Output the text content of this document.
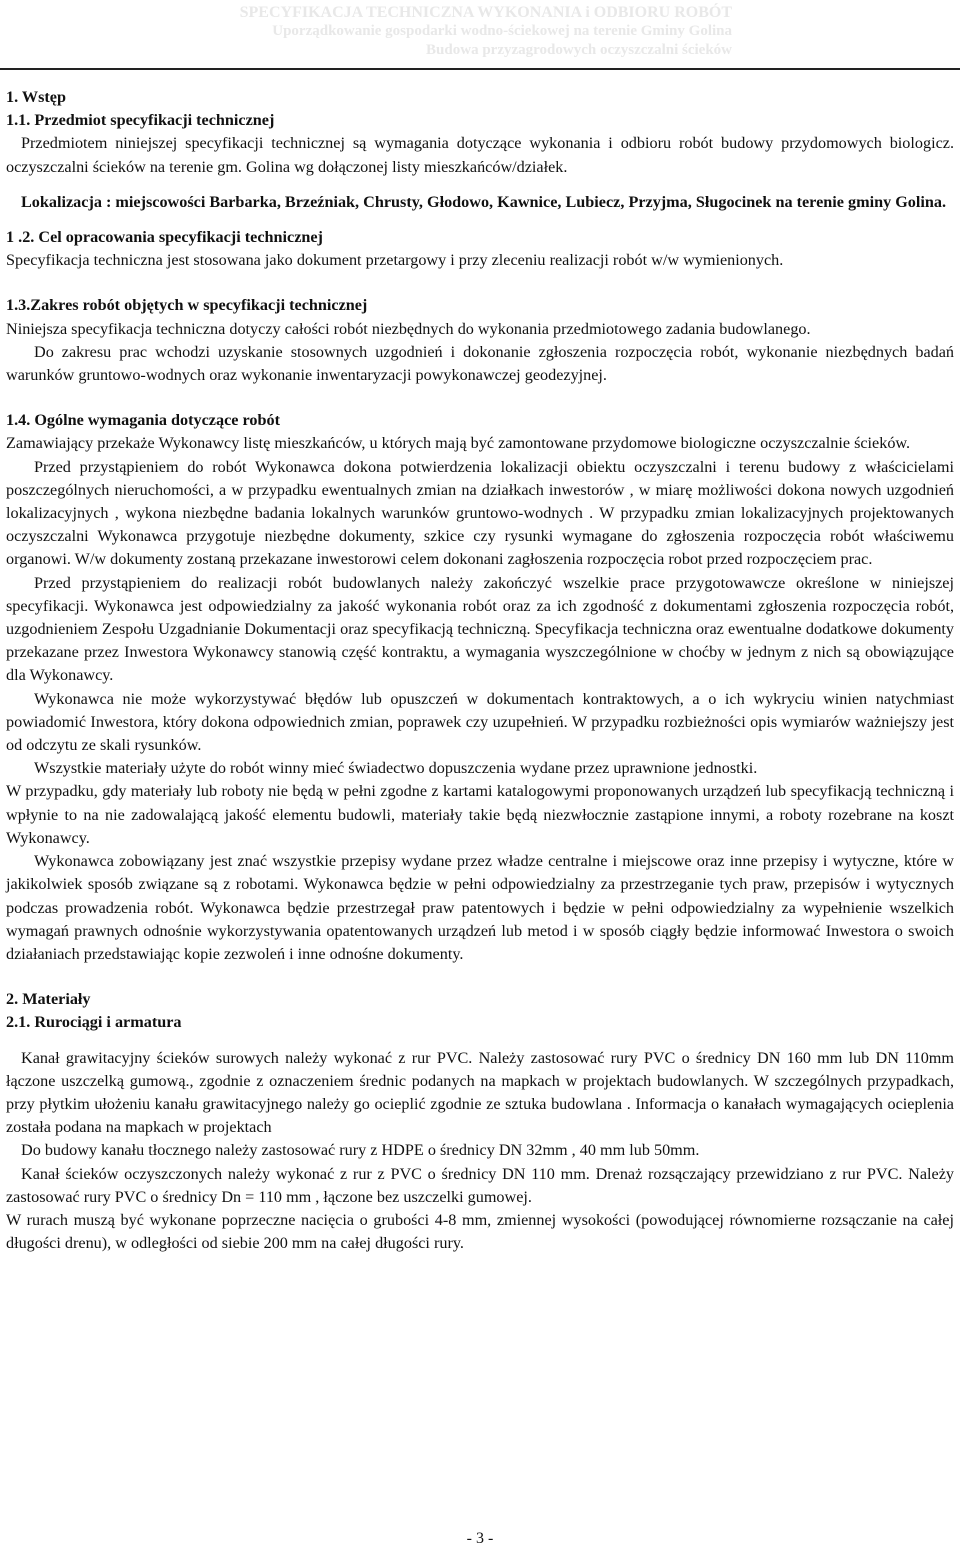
SPECYFIKACJA TECHNICZNA WYKONANIA i ODBIORU ROBÓT
Uporządkowanie gospodarki wodno-ściekowej na terenie Gminy Golina
Budowa przyzagrodowych oczyszczalni ścieków

1. Wstęp

1.1. Przedmiot specyfikacji technicznej

Przedmiotem niniejszej specyfikacji technicznej są wymagania dotyczące wykonania i odbioru robót budowy przydomowych biologicz. oczyszczalni ścieków na terenie gm. Golina wg dołączonej listy mieszkańców/działek.

Lokalizacja : miejscowości Barbarka, Brzeźniak, Chrusty, Głodowo, Kawnice, Lubiecz, Przyjma, Sługocinek na terenie gminy Golina.

1 .2. Cel opracowania specyfikacji technicznej

Specyfikacja techniczna jest stosowana jako dokument przetargowy i przy zleceniu realizacji robót w/w wymienionych.

1.3.Zakres robót objętych w specyfikacji technicznej

Niniejsza specyfikacja techniczna dotyczy całości robót niezbędnych do wykonania przedmiotowego zadania budowlanego.

Do zakresu prac wchodzi uzyskanie stosownych uzgodnień i dokonanie zgłoszenia rozpoczęcia robót, wykonanie niezbędnych badań warunków gruntowo-wodnych oraz wykonanie inwentaryzacji powykonawczej geodezyjnej.

1.4. Ogólne wymagania dotyczące robót

Zamawiający przekaże Wykonawcy listę mieszkańców, u których mają być zamontowane przydomowe biologiczne oczyszczalnie ścieków.

Przed przystąpieniem do robót Wykonawca dokona potwierdzenia lokalizacji obiektu oczyszczalni i terenu budowy z właścicielami poszczególnych nieruchomości, a w przypadku ewentualnych zmian na działkach inwestorów , w miarę możliwości dokona nowych uzgodnień lokalizacyjnych , wykona niezbędne badania lokalnych warunków gruntowo-wodnych . W przypadku zmian lokalizacyjnych projektowanych oczyszczalni Wykonawca przygotuje niezbędne dokumenty, szkice czy rysunki wymagane do zgłoszenia rozpoczęcia robót właściwemu organowi. W/w dokumenty zostaną przekazane inwestorowi celem dokonani zagłoszenia rozpoczęcia robot przed rozpoczęciem prac.

Przed przystąpieniem do realizacji robót budowlanych należy zakończyć wszelkie prace przygotowawcze określone w niniejszej specyfikacji. Wykonawca jest odpowiedzialny za jakość wykonania robót oraz za ich zgodność z dokumentami zgłoszenia rozpoczęcia robót, uzgodnieniem Zespołu Uzgadnianie Dokumentacji oraz specyfikacją techniczną. Specyfikacja techniczna oraz ewentualne dodatkowe dokumenty przekazane przez Inwestora Wykonawcy stanowią część kontraktu, a wymagania wyszczególnione w choćby w jednym z nich są obowiązujące dla Wykonawcy.

Wykonawca nie może wykorzystywać błędów lub opuszczeń w dokumentach kontraktowych, a o ich wykryciu winien natychmiast powiadomić Inwestora, który dokona odpowiednich zmian, poprawek czy uzupełnień. W przypadku rozbieżności opis wymiarów ważniejszy jest od odczytu ze skali rysunków.

Wszystkie materiały użyte do robót winny mieć świadectwo dopuszczenia wydane przez uprawnione jednostki.

W przypadku, gdy materiały lub roboty nie będą w pełni zgodne z kartami katalogowymi proponowanych urządzeń lub specyfikacją techniczną i wpłynie to na nie zadowalającą jakość elementu budowli, materiały takie będą niezwłocznie zastąpione innymi, a roboty rozebrane na koszt Wykonawcy.

Wykonawca zobowiązany jest znać wszystkie przepisy wydane przez władze centralne i miejscowe oraz inne przepisy i wytyczne, które w jakikolwiek sposób związane są z robotami. Wykonawca będzie w pełni odpowiedzialny za przestrzeganie tych praw, przepisów i wytycznych podczas prowadzenia robót. Wykonawca będzie przestrzegał praw patentowych i będzie w pełni odpowiedzialny za wypełnienie wszelkich wymagań prawnych odnośnie wykorzystywania opatentowanych urządzeń lub metod i w sposób ciągły będzie informować Inwestora o swoich działaniach przedstawiając kopie zezwoleń i inne odnośne dokumenty.

2. Materiały

2.1. Rurociągi i armatura

Kanał grawitacyjny ścieków surowych należy wykonać z rur PVC. Należy zastosować rury PVC o średnicy DN 160 mm lub DN 110mm łączone uszczelką gumową., zgodnie z oznaczeniem średnic podanych na mapkach w projektach budowlanych. W szczególnych przypadkach, przy płytkim ułożeniu kanału grawitacyjnego należy go ocieplić zgodnie ze sztuka budowlana . Informacja o kanałach wymagających ocieplenia została podana na mapkach w projektach

Do budowy kanału tłocznego należy zastosować rury z HDPE o średnicy DN 32mm , 40 mm lub 50mm.

Kanał ścieków oczyszczonych należy wykonać z rur z PVC o średnicy DN 110 mm. Drenaż rozsączający przewidziano z rur PVC. Należy zastosować rury PVC o średnicy Dn = 110 mm , łączone bez uszczelki gumowej.

W rurach muszą być wykonane poprzeczne nacięcia o grubości 4-8 mm, zmiennej wysokości (powodującej równomierne rozsączanie na całej długości drenu), w odległości od siebie 200 mm na całej długości rury.

- 3 -
